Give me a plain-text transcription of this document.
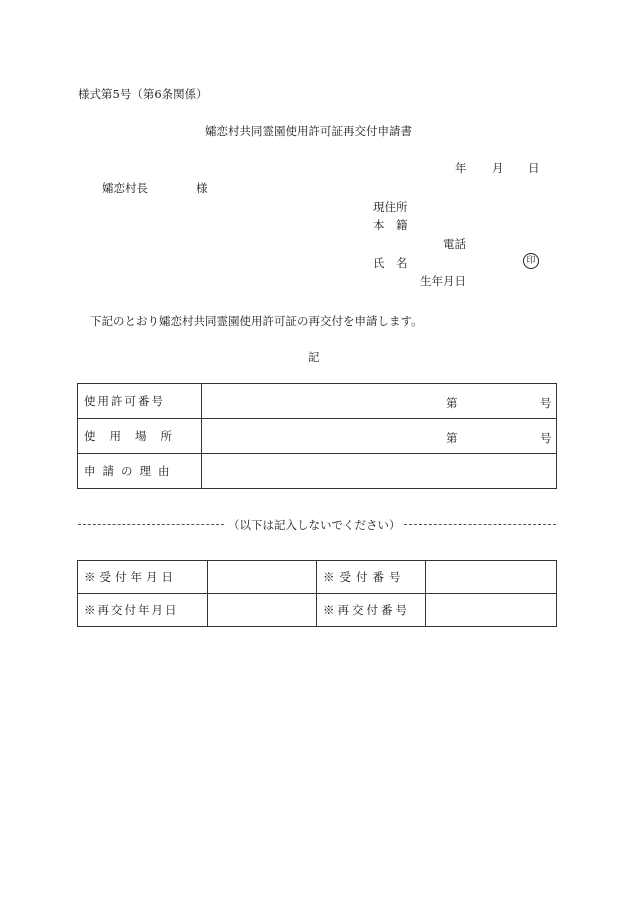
様式第5号（第6条関係）
孀恋村共同霊園使用許可証再交付申請書
年 月 日
孀恋村長	様
現住所
本　籍
電話
氏　名	印
生年月日
下記のとおり孀恋村共同霊園使用許可証の再交付を申請します。
記
使用許可番号	第 号

使用場所	第 号

申請の理由	

（以下は記入しないでください）
※受付年月日		※受付番号	

※再交付年月日		※再交付番号	
